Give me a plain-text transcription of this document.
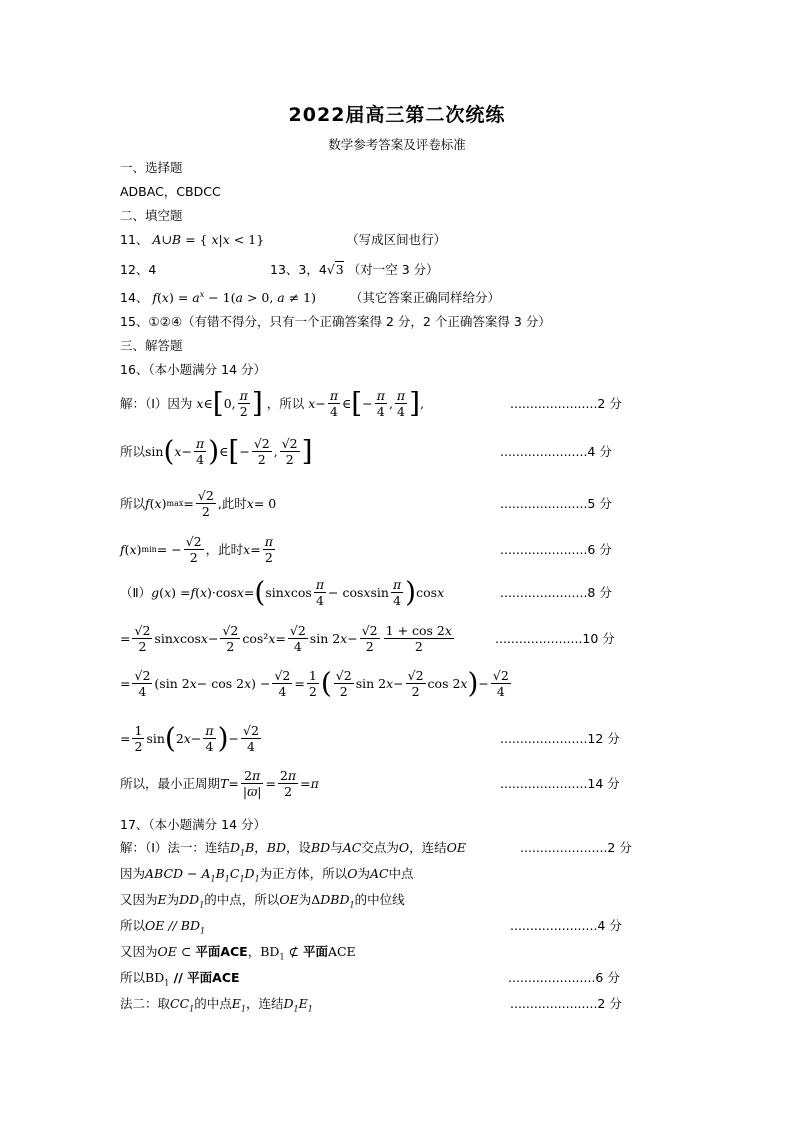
2022届高三第二次统练
数学参考答案及评卷标准
一、选择题
ADBAC，CBDCC
二、填空题
11、 A∪B = { x|x < 1}	（写成区间也行）
12、4	13、3，4√3 （对一空 3 分）
14、 $f(x) = a^x - 1(a > 0$, a ≠ 1)	（其它答案正确同样给分）
15、①②④（有错不得分，只有一个正确答案得 2 分，2 个正确答案得 3 分）
三、解答题
16、（本小题满分 14 分）
解：（Ⅰ）因为 x∈[0, $\frac{\pi}{2}$ ] ，所以 $x- \frac{\pi}{4}$ ∈[− $\frac{\pi}{4}$ , $\frac{\pi}{4}$ ],	......................2 分
所以$\sin(x- \frac{\pi}{4}$ )∈[− $\frac{√2}{2}$ , $\frac{√2}{2}$ ]	......................4 分
所以$f(x)\max= \frac{√2}{2}$ ,此时x= 0	......................5 分
$f(x)\min= - \frac{√2}{2}$ ，此时$x= \frac{\pi}{2}$	......................6 分
（Ⅱ）g(x) =f(x)·cosx=(sinxcos $\frac{\pi}{4}$ − cosxsin $\frac{\pi}{4} )\cos x$	......................8 分
= $\frac{√2}{2}$ sinxcosx− $\frac{√2}{2} \cos^2x= \frac{√2}{4}$ $\sin 2x- \frac{√2}{2} \frac{1 + \cos 2x}{2}$	......................10 分
= $\frac{√2}{4} (\sin$ $2x- \cos 2x) - \frac{√2}{4} = \frac{1}{2}$ ( $\frac{√2}{2}$ $\sin 2x- \frac{√2}{2}$ $\cos 2x)- \frac{√2}{4}$
= $\frac{1}{2} \sin(2x- \frac{\pi}{4}$ )− $\frac{√2}{4}$	......................12 分
所以，最小正周期$T= \frac{2\pi}{|ϖ|} = \frac{2\pi}{2} =\pi$	......................14 分
17、（本小题满分 14 分）
解：（Ⅰ）法一：连结$D_1B$，BD，设BD与AC交点为O，连结OE	......................2 分
因为ABCD − $A_1B_1C_1D_1$为正方体，所以O为AC中点
又因为E为$DD_1$的中点，所以OE为$\Delta DBD_1$的中位线
所以OE // $BD_1$	......................4 分
又因为OE ⊂ 平面ACE，$BD_1$ ⊄ 平面ACE
所以$BD_1$ // 平面ACE	......................6 分
法二：取$CC_1$的中点$E_1$，连结$D_1E_1$	......................2 分
